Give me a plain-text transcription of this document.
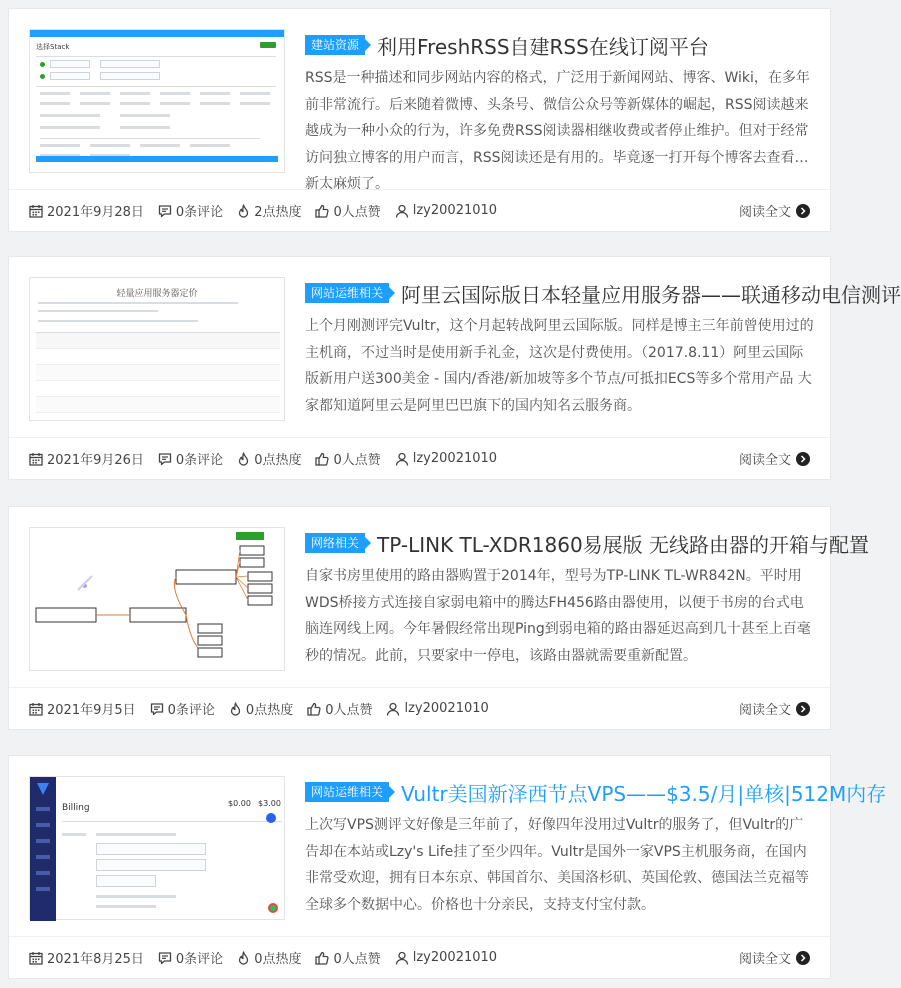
选择Stack	建站资源 利用FreshRSS自建RSS在线订阅平台
RSS是一种描述和同步网站内容的格式，广泛用于新闻网站、博客、Wiki，在多年前非常流行。后来随着微博、头条号、微信公众号等新媒体的崛起，RSS阅读越来越成为一种小众的行为，许多免费RSS阅读器相继收费或者停止维护。但对于经常访问独立博客的用户而言，RSS阅读还是有用的。毕竟逐一打开每个博客去查看更新太麻烦了。
2021年9月28日 0条评论 2点热度 0人点赞 lzy20021010	阅读全文
轻量应用服务器定价	网站运维相关 阿里云国际版日本轻量应用服务器——联通移动电信测评
上个月刚测评完Vultr，这个月起转战阿里云国际版。同样是博主三年前曾使用过的主机商，不过当时是使用新手礼金，这次是付费使用。（2017.8.11）阿里云国际版新用户送300美金 - 国内/香港/新加坡等多个节点/可抵扣ECS等多个常用产品 大家都知道阿里云是阿里巴巴旗下的国内知名云服务商。
2021年9月26日 0条评论 0点热度 0人点赞 lzy20021010	阅读全文
网络相关 TP-LINK TL-XDR1860易展版 无线路由器的开箱与配置
自家书房里使用的路由器购置于2014年，型号为TP-LINK TL-WR842N。平时用WDS桥接方式连接自家弱电箱中的腾达FH456路由器使用，以便于书房的台式电脑连网线上网。今年暑假经常出现Ping到弱电箱的路由器延迟高到几十甚至上百毫秒的情况。此前，只要家中一停电，该路由器就需要重新配置。
2021年9月5日 0条评论 0点热度 0人点赞 lzy20021010	阅读全文
Billing	$0.00 $3.00
网站运维相关 Vultr美国新泽西节点VPS——$3.5/月|单核|512M内存
上次写VPS测评文好像是三年前了，好像四年没用过Vultr的服务了，但Vultr的广告却在本站或Lzy's Life挂了至少四年。Vultr是国外一家VPS主机服务商，在国内非常受欢迎，拥有日本东京、韩国首尔、美国洛杉矶、英国伦敦、德国法兰克福等全球多个数据中心。价格也十分亲民，支持支付宝付款。
2021年8月25日 0条评论 0点热度 0人点赞 lzy20021010	阅读全文
